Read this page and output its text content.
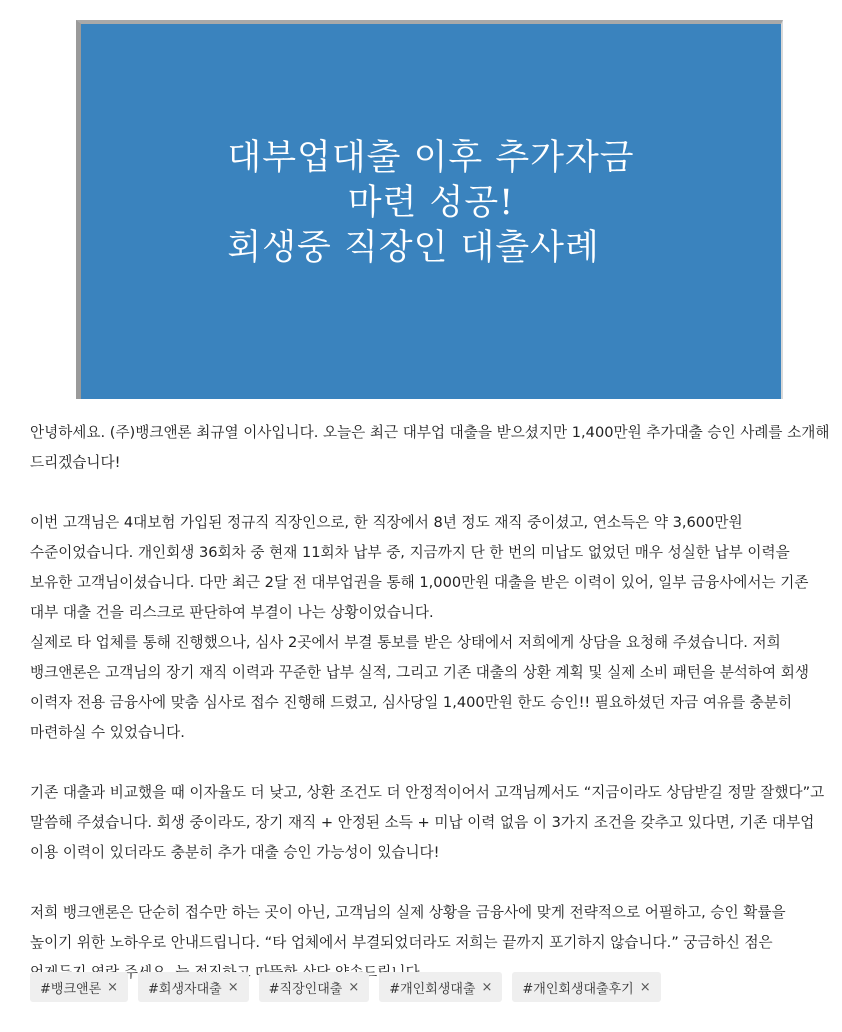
대부업대출 이후 추가자금
마련 성공!
회생중 직장인 대출사례

안녕하세요. (주)뱅크앤론 최규열 이사입니다. 오늘은 최근 대부업 대출을 받으셨지만 1,400만원 추가대출 승인 사례를 소개해 드리겠습니다!

이번 고객님은 4대보험 가입된 정규직 직장인으로, 한 직장에서 8년 정도 재직 중이셨고, 연소득은 약 3,600만원 수준이었습니다. 개인회생 36회차 중 현재 11회차 납부 중, 지금까지 단 한 번의 미납도 없었던 매우 성실한 납부 이력을 보유한 고객님이셨습니다. 다만 최근 2달 전 대부업권을 통해 1,000만원 대출을 받은 이력이 있어, 일부 금융사에서는 기존 대부 대출 건을 리스크로 판단하여 부결이 나는 상황이었습니다.

실제로 타 업체를 통해 진행했으나, 심사 2곳에서 부결 통보를 받은 상태에서 저희에게 상담을 요청해 주셨습니다. 저희 뱅크앤론은 고객님의 장기 재직 이력과 꾸준한 납부 실적, 그리고 기존 대출의 상환 계획 및 실제 소비 패턴을 분석하여 회생 이력자 전용 금융사에 맞춤 심사로 접수 진행해 드렸고, 심사당일 1,400만원 한도 승인!! 필요하셨던 자금 여유를 충분히 마련하실 수 있었습니다.

기존 대출과 비교했을 때 이자율도 더 낮고, 상환 조건도 더 안정적이어서 고객님께서도 “지금이라도 상담받길 정말 잘했다”고 말씀해 주셨습니다. 회생 중이라도, 장기 재직 + 안정된 소득 + 미납 이력 없음 이 3가지 조건을 갖추고 있다면, 기존 대부업 이용 이력이 있더라도 충분히 추가 대출 승인 가능성이 있습니다!

저희 뱅크앤론은 단순히 접수만 하는 곳이 아닌, 고객님의 실제 상황을 금융사에 맞게 전략적으로 어필하고, 승인 확률을 높이기 위한 노하우로 안내드립니다. “타 업체에서 부결되었더라도 저희는 끝까지 포기하지 않습니다.” 궁금하신 점은

#뱅크앤론 × #회생자대출 × #직장인대출 × #개인회생대출 × #개인회생대출후기 ×
